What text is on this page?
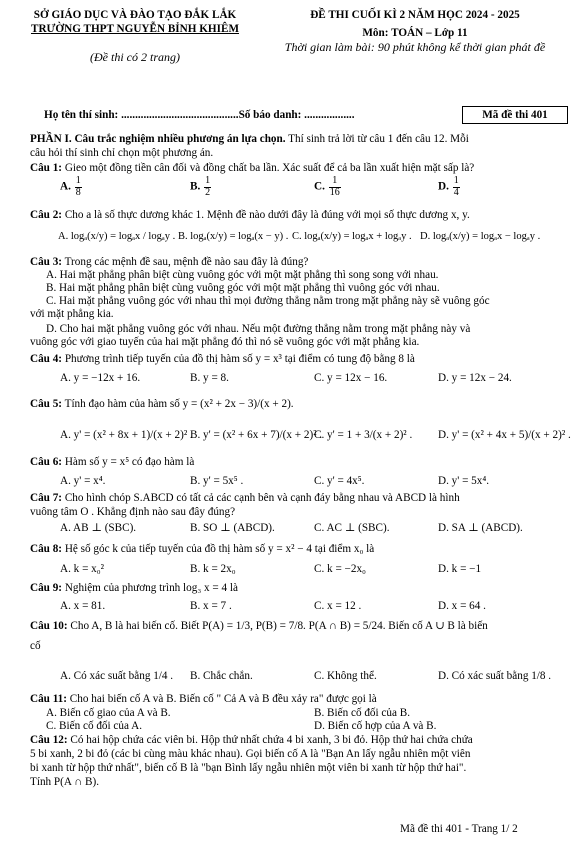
SỞ GIÁO DỤC VÀ ĐÀO TẠO ĐẮK LẮK
TRƯỜNG THPT NGUYỄN BỈNH KHIÊM
(Đề thi có 2 trang)
ĐỀ THI CUỐI KÌ 2 NĂM HỌC 2024 - 2025
Môn: TOÁN – Lớp 11
Thời gian làm bài: 90 phút không kể thời gian phát đề
Họ tên thí sinh: ..........................................Số báo danh: ..................	Mã đề thi 401
PHẦN I. Câu trắc nghiệm nhiều phương án lựa chọn. Thí sinh trả lời từ câu 1 đến câu 12. Mỗi
câu hỏi thí sinh chỉ chọn một phương án.
Câu 1: Gieo một đồng tiền cân đối và đồng chất ba lần. Xác suất để cả ba lần xuất hiện mặt sấp là?
A. $\frac{1}{8}$	B. $\frac{1}{2}$	C. $\frac{1}{16}$	D. $\frac{1}{4}$
Câu 2: Cho a là số thực dương khác 1. Mệnh đề nào dưới đây là đúng với mọi số thực dương x, y.
A. logₐ(x/y) = logₐx / logₐy . B. logₐ(x/y) = logₐ(x − y) . C. logₐ(x/y) = logₐx + logₐy . D. logₐ(x/y) = logₐx − logₐy .
Câu 3: Trong các mệnh đề sau, mệnh đề nào sau đây là đúng?
A. Hai mặt phẳng phân biệt cùng vuông góc với một mặt phẳng thì song song với nhau.
B. Hai mặt phẳng phân biệt cùng vuông góc với một mặt phẳng thì vuông góc với nhau.
C. Hai mặt phẳng vuông góc với nhau thì mọi đường thẳng nằm trong mặt phẳng này sẽ vuông góc
với mặt phẳng kia.
D. Cho hai mặt phẳng vuông góc với nhau. Nếu một đường thẳng nằm trong mặt phẳng này và
vuông góc với giao tuyến của hai mặt phẳng đó thì nó sẽ vuông góc với mặt phẳng kia.
Câu 4: Phương trình tiếp tuyến của đồ thị hàm số y = x³ tại điểm có tung độ bằng 8 là
A. y = −12x + 16.	B. y = 8.	C. y = 12x − 16.	D. y = 12x − 24.
Câu 5: Tính đạo hàm của hàm số y = (x² + 2x − 3)/(x + 2).
A. y' = (x² + 8x + 1)/(x + 2)² .
B. y' = (x² + 6x + 7)/(x + 2)² .
C. y' = 1 + 3/(x + 2)² . D. y' = (x² + 4x + 5)/(x + 2)² .
Câu 6: Hàm số y = x⁵ có đạo hàm là
A. y' = x⁴.	B. y' = 5x⁵ .	C. y' = 4x⁵.	D. y' = 5x⁴.
Câu 7: Cho hình chóp S.ABCD có tất cả các cạnh bên và cạnh đáy bằng nhau và ABCD là hình
vuông tâm O . Khẳng định nào sau đây đúng?
A. AB ⊥ (SBC).	B. SO ⊥ (ABCD).	C. AC ⊥ (SBC).	D. SA ⊥ (ABCD).
Câu 8: Hệ số góc k của tiếp tuyến của đồ thị hàm số y = x² − 4 tại điểm x₀ là
A. k = x₀²	B. k = 2x₀	C. k = −2x₀	D. k = −1
Câu 9: Nghiệm của phương trình log₃ x = 4 là
A. x = 81.	B. x = 7 .	C. x = 12 .	D. x = 64 .
Câu 10: Cho A, B là hai biến cố. Biết P(A) = 1/3, P(B) = 7/8. P(A ∩ B) = 5/24. Biến cố A ∪ B là biến
cố
A. Có xác suất bằng 1/4 . B. Chắc chắn.	C. Không thể.	D. Có xác suất bằng 1/8 .
Câu 11: Cho hai biến cố A và B. Biến cố " Cả A và B đều xảy ra" được gọi là
A. Biến cố giao của A và B.	B. Biến cố đối của B.
C. Biến cố đối của A.	D. Biến cố hợp của A và B.
Câu 12: Có hai hộp chứa các viên bi. Hộp thứ nhất chứa 4 bi xanh, 3 bi đỏ. Hộp thứ hai chứa chứa
5 bi xanh, 2 bi đỏ (các bi cùng màu khác nhau). Gọi biến cố A là "Bạn An lấy ngẫu nhiên một viên
bi xanh từ hộp thứ nhất", biến cố B là "bạn Bình lấy ngẫu nhiên một viên bi xanh từ hộp thứ hai".
Tính P(A ∩ B).
Mã đề thi 401 - Trang 1/ 2
